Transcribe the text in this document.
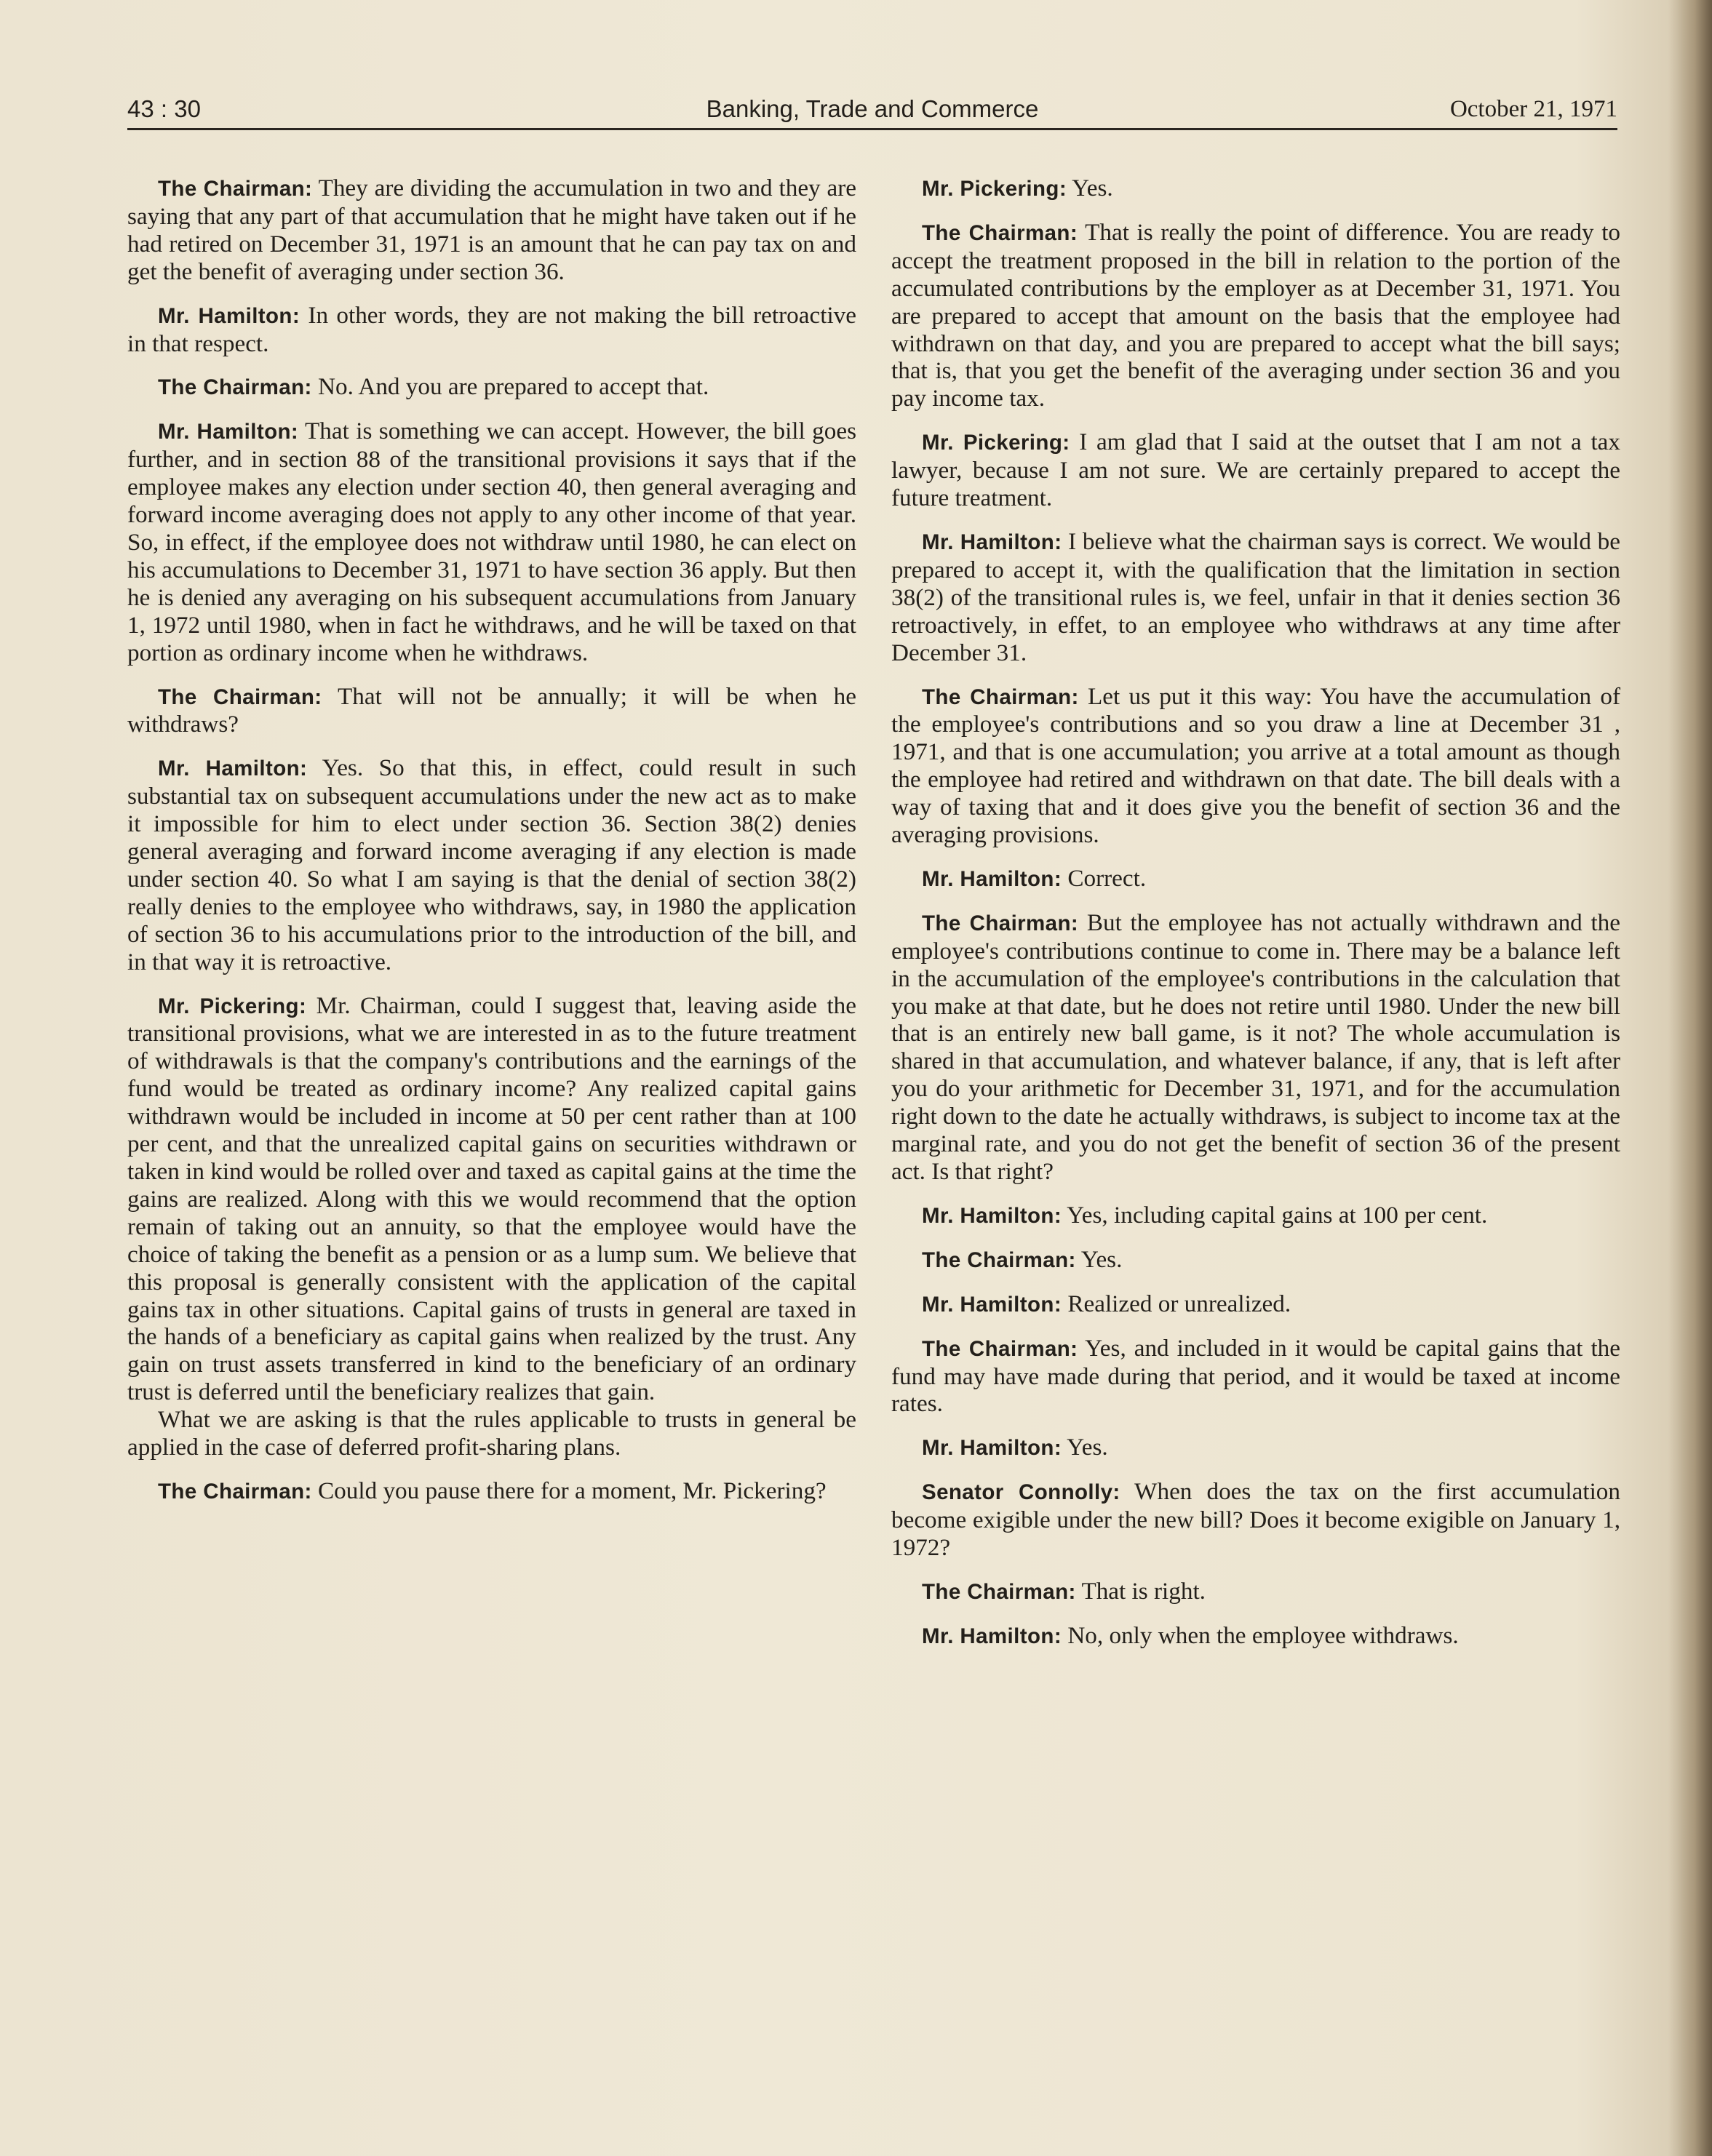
43 : 30	Banking, Trade and Commerce	October 21, 1971

The Chairman: They are dividing the accumulation in two and they are saying that any part of that accumulation that he might have taken out if he had retired on December 31, 1971 is an amount that he can pay tax on and get the benefit of averaging under section 36.

Mr. Hamilton: In other words, they are not making the bill retroactive in that respect.

The Chairman: No. And you are prepared to accept that.

Mr. Hamilton: That is something we can accept. However, the bill goes further, and in section 88 of the transitional provisions it says that if the employee makes any election under section 40, then general averaging and forward income averaging does not apply to any other income of that year. So, in effect, if the employee does not withdraw until 1980, he can elect on his accumulations to December 31, 1971 to have section 36 apply. But then he is denied any averaging on his subsequent accumulations from January 1, 1972 until 1980, when in fact he withdraws, and he will be taxed on that portion as ordinary income when he withdraws.

The Chairman: That will not be annually; it will be when he withdraws?

Mr. Hamilton: Yes. So that this, in effect, could result in such substantial tax on subsequent accumulations under the new act as to make it impossible for him to elect under section 36. Section 38(2) denies general averaging and forward income averaging if any election is made under section 40. So what I am saying is that the denial of section 38(2) really denies to the employee who withdraws, say, in 1980 the application of section 36 to his accumulations prior to the introduction of the bill, and in that way it is retroactive.

Mr. Pickering: Mr. Chairman, could I suggest that, leaving aside the transitional provisions, what we are interested in as to the future treatment of withdrawals is that the company's contributions and the earnings of the fund would be treated as ordinary income? Any realized capital gains withdrawn would be included in income at 50 per cent rather than at 100 per cent, and that the unrealized capital gains on securities withdrawn or taken in kind would be rolled over and taxed as capital gains at the time the gains are realized. Along with this we would recommend that the option remain of taking out an annuity, so that the employee would have the choice of taking the benefit as a pension or as a lump sum. We believe that this proposal is generally consistent with the application of the capital gains tax in other situations. Capital gains of trusts in general are taxed in the hands of a beneficiary as capital gains when realized by the trust. Any gain on trust assets transferred in kind to the beneficiary of an ordinary trust is deferred until the beneficiary realizes that gain.

What we are asking is that the rules applicable to trusts in general be applied in the case of deferred profit-sharing plans.

The Chairman: Could you pause there for a moment, Mr. Pickering?

Mr. Pickering: Yes.

The Chairman: That is really the point of difference. You are ready to accept the treatment proposed in the bill in relation to the portion of the accumulated contributions by the employer as at December 31, 1971. You are prepared to accept that amount on the basis that the employee had withdrawn on that day, and you are prepared to accept what the bill says; that is, that you get the benefit of the averaging under section 36 and you pay income tax.

Mr. Pickering: I am glad that I said at the outset that I am not a tax lawyer, because I am not sure. We are certainly prepared to accept the future treatment.

Mr. Hamilton: I believe what the chairman says is correct. We would be prepared to accept it, with the qualification that the limitation in section 38(2) of the transitional rules is, we feel, unfair in that it denies section 36 retroactively, in effet, to an employee who withdraws at any time after December 31.

The Chairman: Let us put it this way: You have the accumulation of the employee's contributions and so you draw a line at December 31 , 1971, and that is one accumulation; you arrive at a total amount as though the employee had retired and withdrawn on that date. The bill deals with a way of taxing that and it does give you the benefit of section 36 and the averaging provisions.

Mr. Hamilton: Correct.

The Chairman: But the employee has not actually withdrawn and the employee's contributions continue to come in. There may be a balance left in the accumulation of the employee's contributions in the calculation that you make at that date, but he does not retire until 1980. Under the new bill that is an entirely new ball game, is it not? The whole accumulation is shared in that accumulation, and whatever balance, if any, that is left after you do your arithmetic for December 31, 1971, and for the accumulation right down to the date he actually withdraws, is subject to income tax at the marginal rate, and you do not get the benefit of section 36 of the present act. Is that right?

Mr. Hamilton: Yes, including capital gains at 100 per cent.

The Chairman: Yes.

Mr. Hamilton: Realized or unrealized.

The Chairman: Yes, and included in it would be capital gains that the fund may have made during that period, and it would be taxed at income rates.

Mr. Hamilton: Yes.

Senator Connolly: When does the tax on the first accumulation become exigible under the new bill? Does it become exigible on January 1, 1972?

The Chairman: That is right.

Mr. Hamilton: No, only when the employee withdraws.
